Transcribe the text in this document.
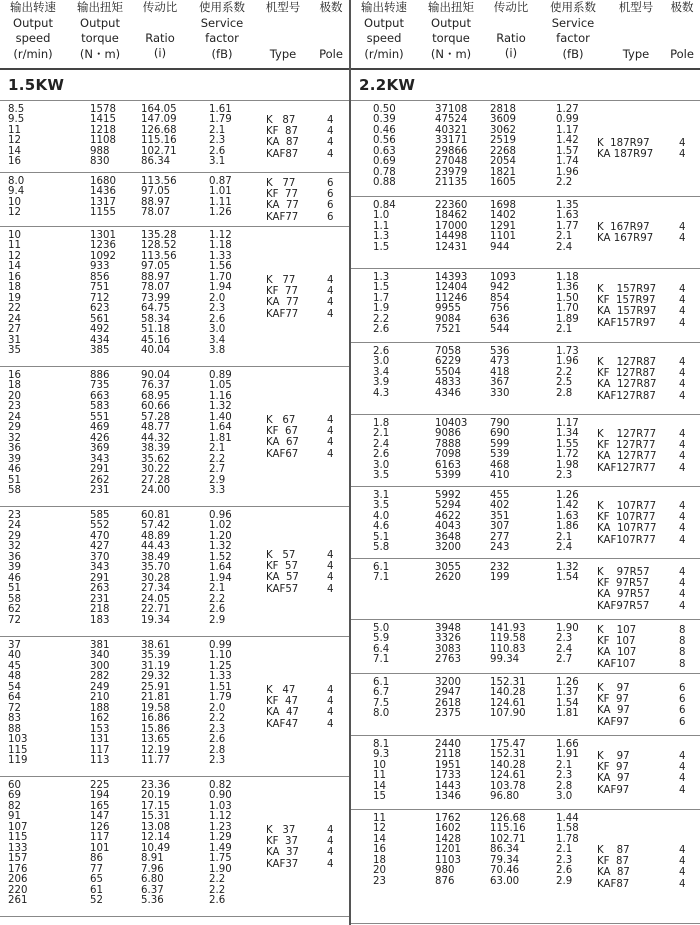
输出转速
Output
speed
(r/min)
输出扭矩
Output
torque
(N・m)
传动比
Ratio
(i)
使用系数
Service
factor
(fB)
机型号
Type
极数
Pole
1.5KW
8.5
9.5
11
12
14
16
1578
1415
1218
1108
988
830
164.05
147.09
126.68
115.16
102.71
86.34
1.61
1.79
2.1
2.3
2.6
3.1
K   87
KF  87
KA  87
KAF87
4
4
4
4
8.0
9.4
10
12
1680
1436
1317
1155
113.56
97.05
88.97
78.07
0.87
1.01
1.11
1.26
K   77
KF  77
KA  77
KAF77
6
6
6
6
10
11
12
14
16
18
19
22
24
27
31
35
1301
1236
1092
933
856
751
712
623
561
492
434
385
135.28
128.52
113.56
97.05
88.97
78.07
73.99
64.75
58.34
51.18
45.16
40.04
1.12
1.18
1.33
1.56
1.70
1.94
2.0
2.3
2.6
3.0
3.4
3.8
K   77
KF  77
KA  77
KAF77
4
4
4
4
16
18
20
23
24
29
32
36
39
46
51
58
886
735
663
583
551
469
426
369
343
291
262
231
90.04
76.37
68.95
60.66
57.28
48.77
44.32
38.39
35.62
30.22
27.28
24.00
0.89
1.05
1.16
1.32
1.40
1.64
1.81
2.1
2.2
2.7
2.9
3.3
K   67
KF  67
KA  67
KAF67
4
4
4
4
23
24
29
32
36
39
46
51
58
62
72
585
552
470
427
370
343
291
263
231
218
183
60.81
57.42
48.89
44.43
38.49
35.70
30.28
27.34
24.05
22.71
19.34
0.96
1.02
1.20
1.32
1.52
1.64
1.94
2.1
2.2
2.6
2.9
K   57
KF  57
KA  57
KAF57
4
4
4
4
37
40
45
48
54
64
72
83
88
103
115
119
381
340
300
282
249
210
188
162
153
131
117
113
38.61
35.39
31.19
29.32
25.91
21.81
19.58
16.86
15.86
13.65
12.19
11.77
0.99
1.10
1.25
1.33
1.51
1.79
2.0
2.2
2.3
2.6
2.8
2.3
K   47
KF  47
KA  47
KAF47
4
4
4
4
60
69
82
91
107
115
133
157
176
206
220
261
225
194
165
147
126
117
101
86
77
65
61
52
23.36
20.19
17.15
15.31
13.08
12.14
10.49
8.91
7.96
6.80
6.37
5.36
0.82
0.90
1.03
1.12
1.23
1.29
1.49
1.75
1.90
2.2
2.2
2.6
K   37
KF  37
KA  37
KAF37
4
4
4
4
输出转速
Output
speed
(r/min)
输出扭矩
Output
torque
(N・m)
传动比
Ratio
(i)
使用系数
Service
factor
(fB)
机型号
Type
极数
Pole
2.2KW
0.50
0.39
0.46
0.56
0.63
0.69
0.78
0.88
37108
47524
40321
33171
29866
27048
23979
21135
2818
3609
3062
2519
2268
2054
1821
1605
1.27
0.99
1.17
1.42
1.57
1.74
1.96
2.2
K  187R97
KA 187R97
4
4
0.84
1.0
1.1
1.3
1.5
22360
18462
17000
14498
12431
1698
1402
1291
1101
944
1.35
1.63
1.77
2.1
2.4
K  167R97
KA 167R97
4
4
1.3
1.5
1.7
1.9
2.2
2.6
14393
12404
11246
9955
9084
7521
1093
942
854
756
636
544
1.18
1.36
1.50
1.70
1.89
2.1
K    157R97
KF  157R97
KA  157R97
KAF157R97
4
4
4
4
2.6
3.0
3.4
3.9
4.3
7058
6229
5504
4833
4346
536
473
418
367
330
1.73
1.96
2.2
2.5
2.8
K    127R87
KF  127R87
KA  127R87
KAF127R87
4
4
4
4
1.8
2.1
2.4
2.6
3.0
3.5
10403
9086
7888
7098
6163
5399
790
690
599
539
468
410
1.17
1.34
1.55
1.72
1.98
2.3
K    127R77
KF  127R77
KA  127R77
KAF127R77
4
4
4
4
3.1
3.5
4.0
4.6
5.1
5.8
5992
5294
4622
4043
3648
3200
455
402
351
307
277
243
1.26
1.42
1.63
1.86
2.1
2.4
K    107R77
KF  107R77
KA  107R77
KAF107R77
4
4
4
4
6.1
7.1
3055
2620
232
199
1.32
1.54 K    97R57
KF  97R57
KA  97R57
KAF97R57
4
4
4
4
5.0
5.9
6.4
7.1
3948
3326
3083
2763
141.93
119.58
110.83
99.34
1.90
2.3
2.4
2.7
K    107
KF  107
KA  107
KAF107
8
8
8
8
6.1
6.7
7.5
8.0
3200
2947
2618
2375
152.31
140.28
124.61
107.90
1.26
1.37
1.54
1.81
K    97
KF  97
KA  97
KAF97
6
6
6
6
8.1
9.3
10
11
14
15
2440
2118
1951
1733
1443
1346
175.47
152.31
140.28
124.61
103.78
96.80
1.66
1.91
2.1
2.3
2.8
3.0
K    97
KF  97
KA  97
KAF97
4
4
4
4
11
12
14
16
18
20
23
1762
1602
1428
1201
1103
980
876
126.68
115.16
102.71
86.34
79.34
70.46
63.00
1.44
1.58
1.78
2.1
2.3
2.6
2.9
K    87
KF  87
KA  87
KAF87
4
4
4
4
